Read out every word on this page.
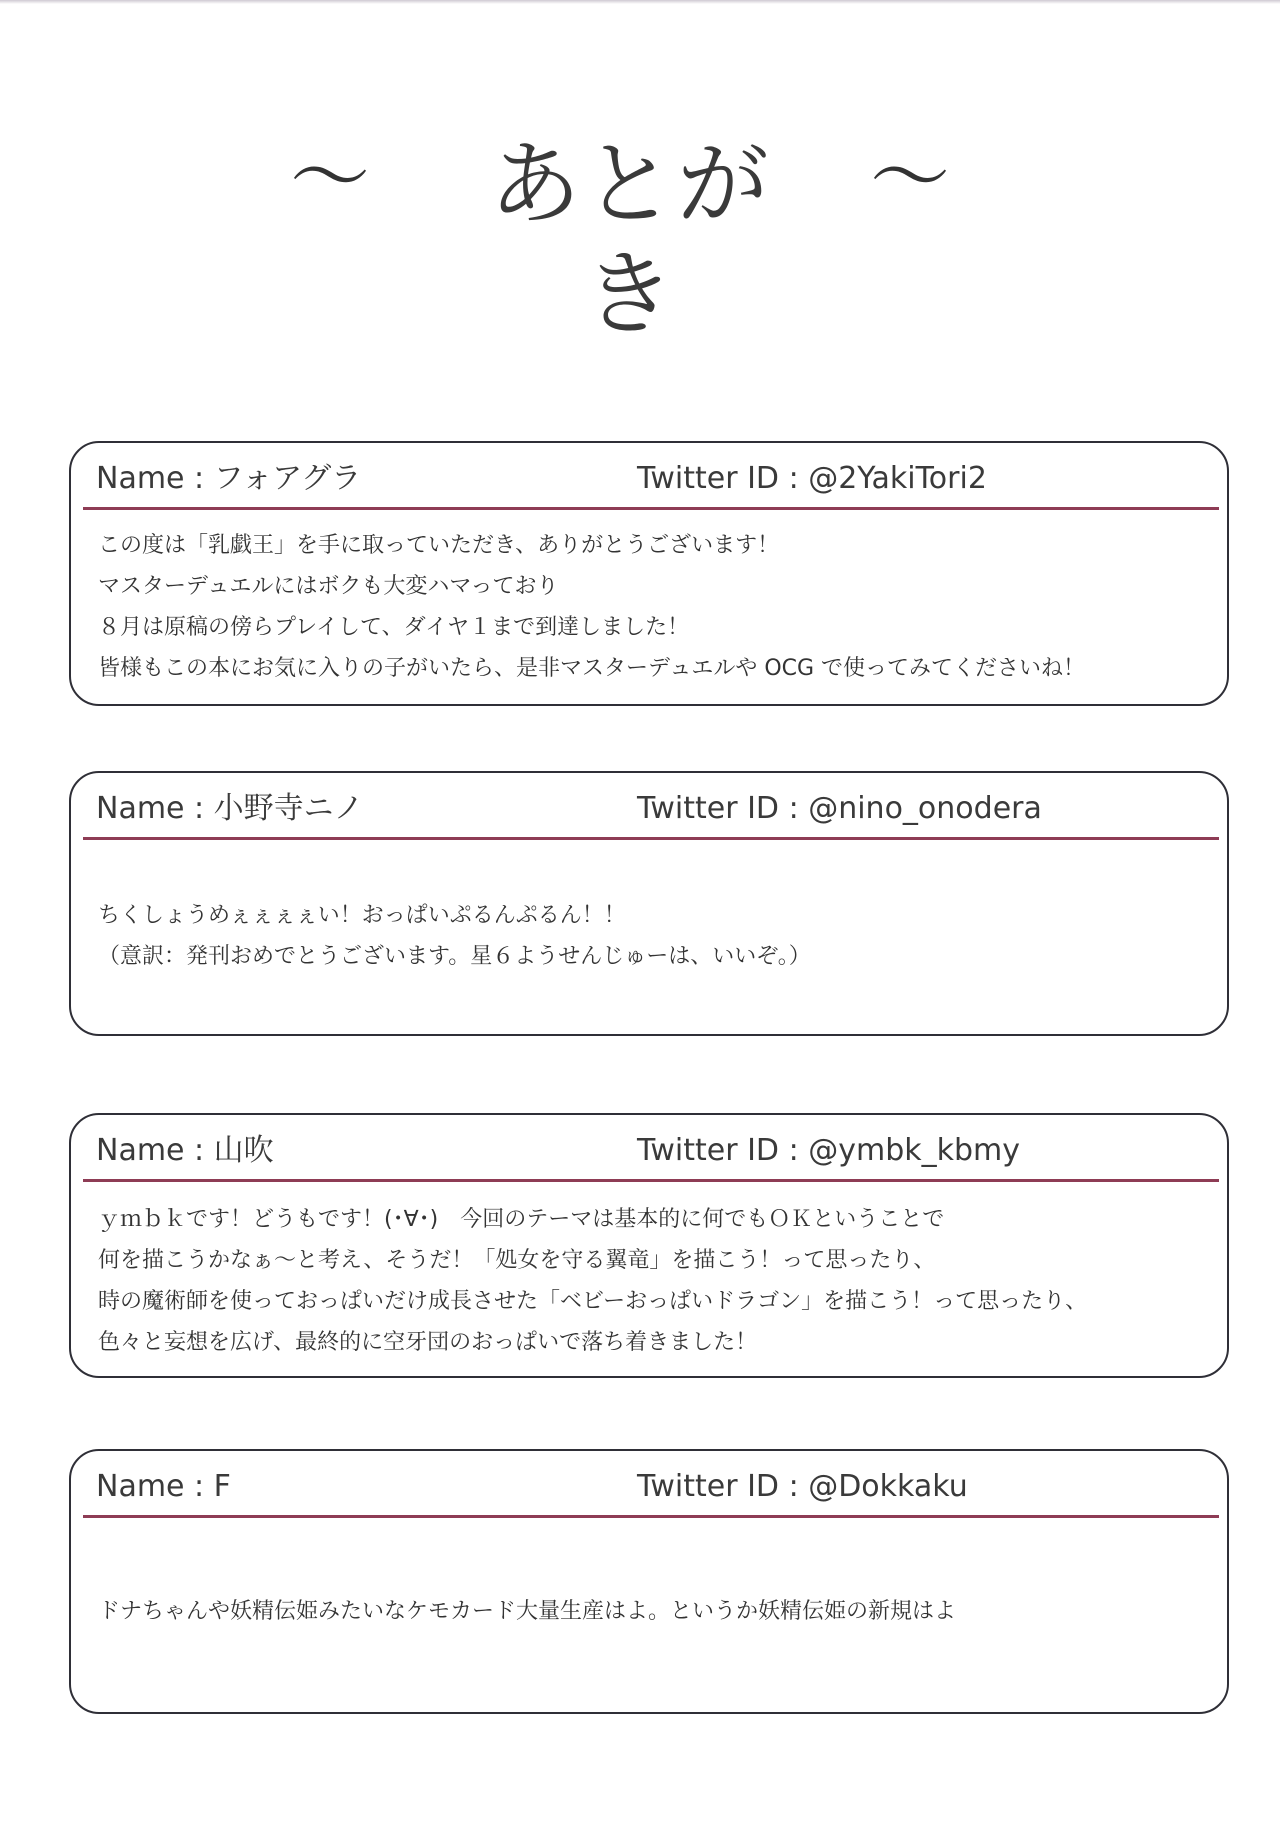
～	あとがき
～
Name : フォアグラ	Twitter ID : @2YakiTori2
この度は「乳戯王」を手に取っていただき、ありがとうございます！
マスターデュエルにはボクも大変ハマっており
８月は原稿の傍らプレイして、ダイヤ１まで到達しました！
皆様もこの本にお気に入りの子がいたら、是非マスターデュエルや OCG で使ってみてくださいね！
Name : 小野寺ニノ	Twitter ID : @nino_onodera
ちくしょうめぇぇぇぇい！おっぱいぷるんぷるん！！
（意訳：発刊おめでとうございます。星６ようせんじゅーは、いいぞ。）
Name : 山吹	Twitter ID : @ymbk_kbmy
ｙｍｂｋです！どうもです！(･∀･)　今回のテーマは基本的に何でもＯＫということで
何を描こうかなぁ～と考え、そうだ！「処女を守る翼竜」を描こう！って思ったり、
時の魔術師を使っておっぱいだけ成長させた「ベビーおっぱいドラゴン」を描こう！って思ったり、
色々と妄想を広げ、最終的に空牙団のおっぱいで落ち着きました！
Name : F	Twitter ID : @Dokkaku
ドナちゃんや妖精伝姫みたいなケモカード大量生産はよ。というか妖精伝姫の新規はよ
